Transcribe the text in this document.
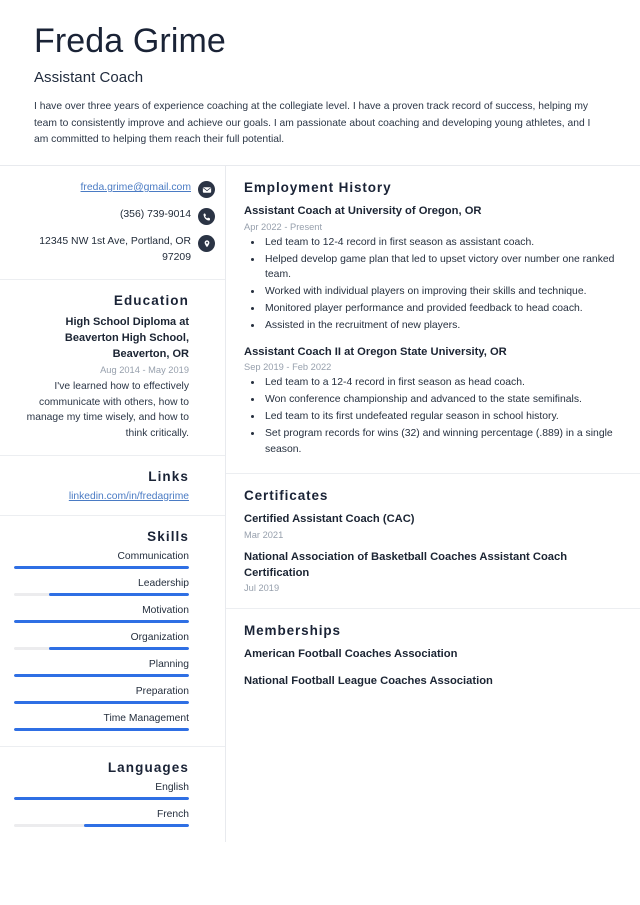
Freda Grime
Assistant Coach

I have over three years of experience coaching at the collegiate level. I have a proven track record of success, helping my team to consistently improve and achieve our goals. I am passionate about coaching and developing young athletes, and I am committed to helping them reach their full potential.

freda.grime@gmail.com
(356) 739-9014
12345 NW 1st Ave, Portland, OR 97209
Education

High School Diploma at Beaverton High School, Beaverton, OR

Aug 2014 - May 2019

I've learned how to effectively communicate with others, how to manage my time wisely, and how to think critically.

Links
linkedin.com/in/fredagrime
Skills
Communication
Leadership
Motivation
Organization
Planning
Preparation
Time Management
Languages
English
French
Employment History

Assistant Coach at University of Oregon, OR

Apr 2022 - Present

• Led team to 12-4 record in first season as assistant coach.
• Helped develop game plan that led to upset victory over number one ranked team.
• Worked with individual players on improving their skills and technique.
• Monitored player performance and provided feedback to head coach.
• Assisted in the recruitment of new players.

Assistant Coach II at Oregon State University, OR

Sep 2019 - Feb 2022

• Led team to a 12-4 record in first season as head coach.
• Won conference championship and advanced to the state semifinals.
• Led team to its first undefeated regular season in school history.
• Set program records for wins (32) and winning percentage (.889) in a single season.
Certificates

Certified Assistant Coach (CAC)

Mar 2021

National Association of Basketball Coaches Assistant Coach Certification

Jul 2019

Memberships

American Football Coaches Association

National Football League Coaches Association
